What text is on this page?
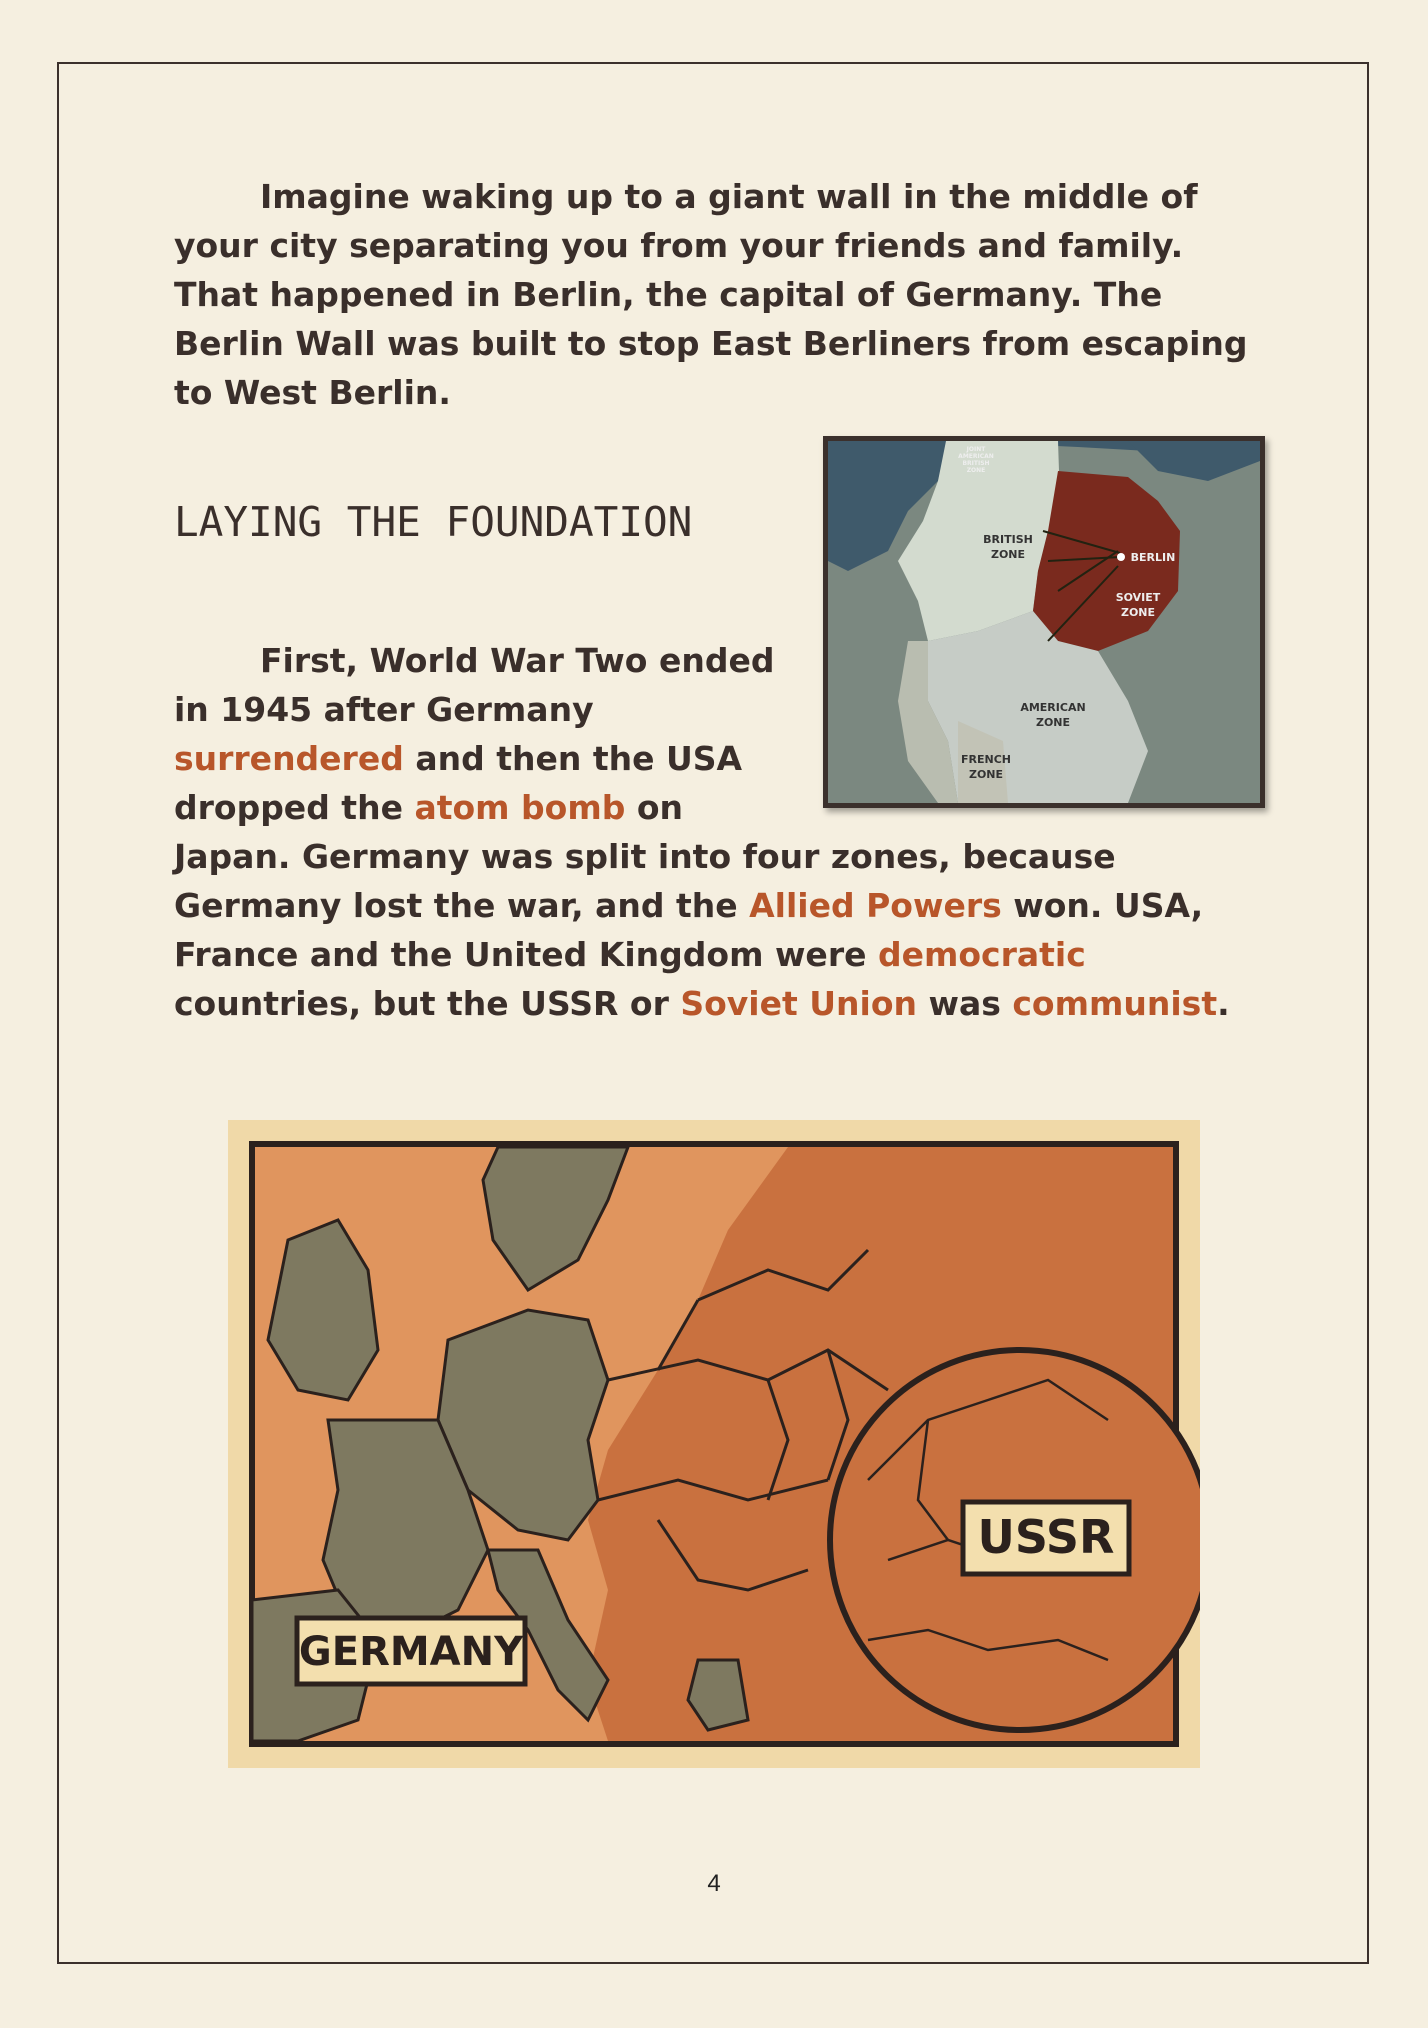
Imagine waking up to a giant wall in the middle of your city separating you from your friends and family. That happened in Berlin, the capital of Germany. The Berlin Wall was built to stop East Berliners from escaping to West Berlin.

LAYING THE FOUNDATION
JOINT
AMERICAN
BRITISH
ZONE
BRITISH
ZONE
AMERICAN
ZONE
FRENCH
ZONE
SOVIET
ZONE
BERLIN

First, World War Two ended
in 1945 after Germany
surrendered and then the USA
dropped the atom bomb on
Japan. Germany was split into four zones, because Germany lost the war, and the Allied Powers won. USA, France and the United Kingdom were democratic countries, but the USSR or Soviet Union was communist.

GERMANY
USSR
4
